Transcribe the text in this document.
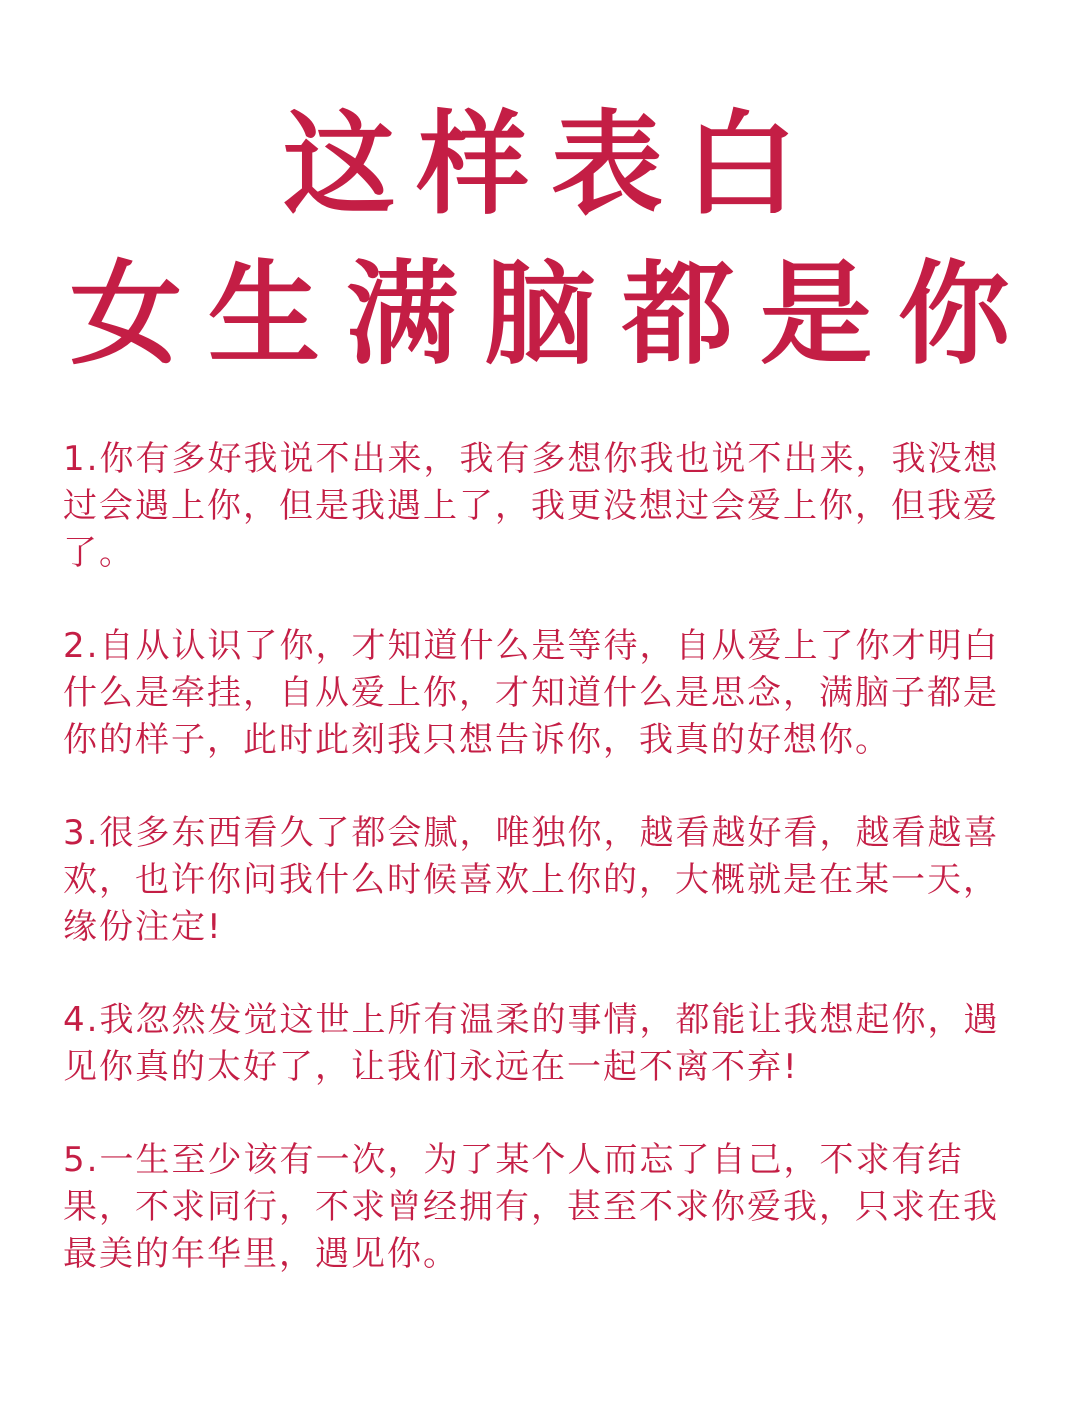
这样表白
女生满脑都是你

1.你有多好我说不出来，我有多想你我也说不出来，我没想过会遇上你，但是我遇上了，我更没想过会爱上你，但我爱了。

2.自从认识了你，才知道什么是等待，自从爱上了你才明白什么是牵挂，自从爱上你，才知道什么是思念，满脑子都是你的样子，此时此刻我只想告诉你，我真的好想你。

3.很多东西看久了都会腻，唯独你，越看越好看，越看越喜欢，也许你问我什么时候喜欢上你的，大概就是在某一天，缘份注定!

4.我忽然发觉这世上所有温柔的事情，都能让我想起你，遇见你真的太好了，让我们永远在一起不离不弃!

5.一生至少该有一次，为了某个人而忘了自己，不求有结果，不求同行，不求曾经拥有，甚至不求你爱我，只求在我最美的年华里，遇见你。
